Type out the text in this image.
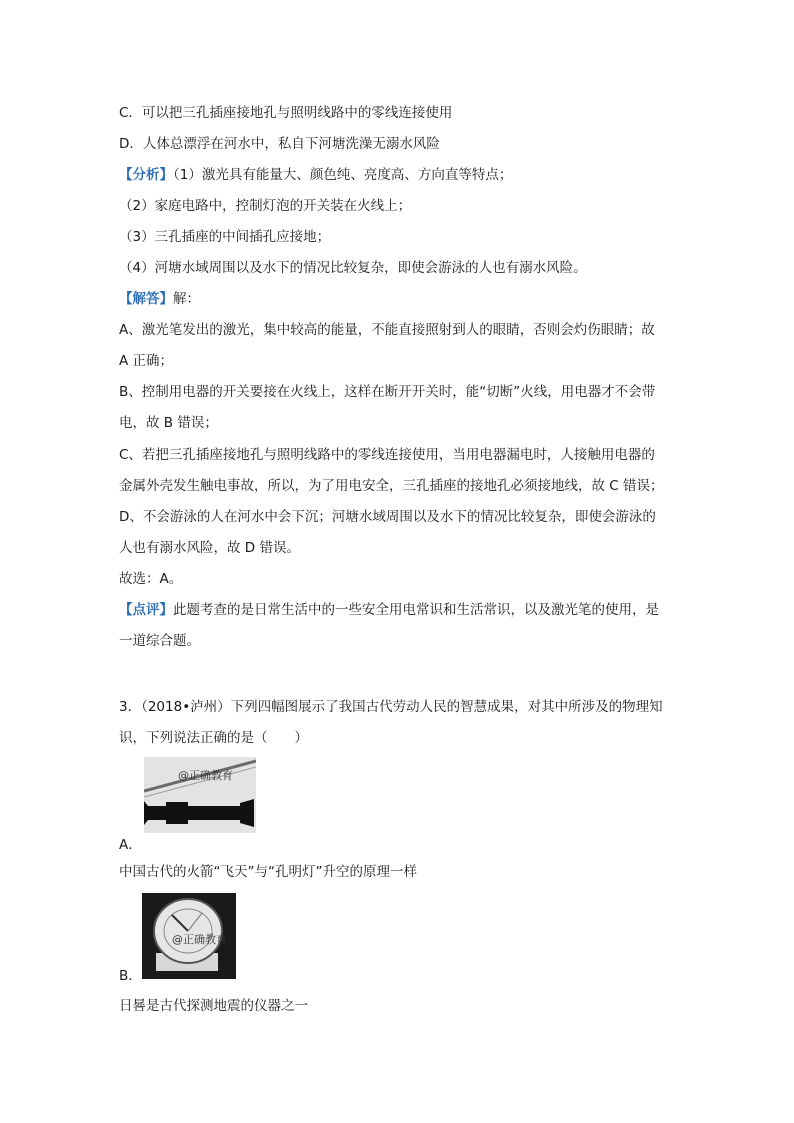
C．可以把三孔插座接地孔与照明线路中的零线连接使用
D．人体总漂浮在河水中，私自下河塘洗澡无溺水风险
【分析】（1）激光具有能量大、颜色纯、亮度高、方向直等特点；
（2）家庭电路中，控制灯泡的开关装在火线上；
（3）三孔插座的中间插孔应接地；
（4）河塘水域周围以及水下的情况比较复杂，即使会游泳的人也有溺水风险。
【解答】解：
A、激光笔发出的激光，集中较高的能量，不能直接照射到人的眼睛，否则会灼伤眼睛；故
A 正确；
B、控制用电器的开关要接在火线上，这样在断开开关时，能“切断”火线，用电器才不会带
电，故 B 错误；
C、若把三孔插座接地孔与照明线路中的零线连接使用，当用电器漏电时，人接触用电器的
金属外壳发生触电事故，所以，为了用电安全，三孔插座的接地孔必须接地线，故 C 错误；
D、不会游泳的人在河水中会下沉；河塘水域周围以及水下的情况比较复杂，即使会游泳的
人也有溺水风险，故 D 错误。
故选：A。
【点评】此题考查的是日常生活中的一些安全用电常识和生活常识，以及激光笔的使用，是
一道综合题。
3．（2018•泸州）下列四幅图展示了我国古代劳动人民的智慧成果，对其中所涉及的物理知
识，下列说法正确的是（　　）
@正确教育
A．
中国古代的火箭“飞天”与“孔明灯”升空的原理一样
@正确教育
B．
日晷是古代探测地震的仪器之一
